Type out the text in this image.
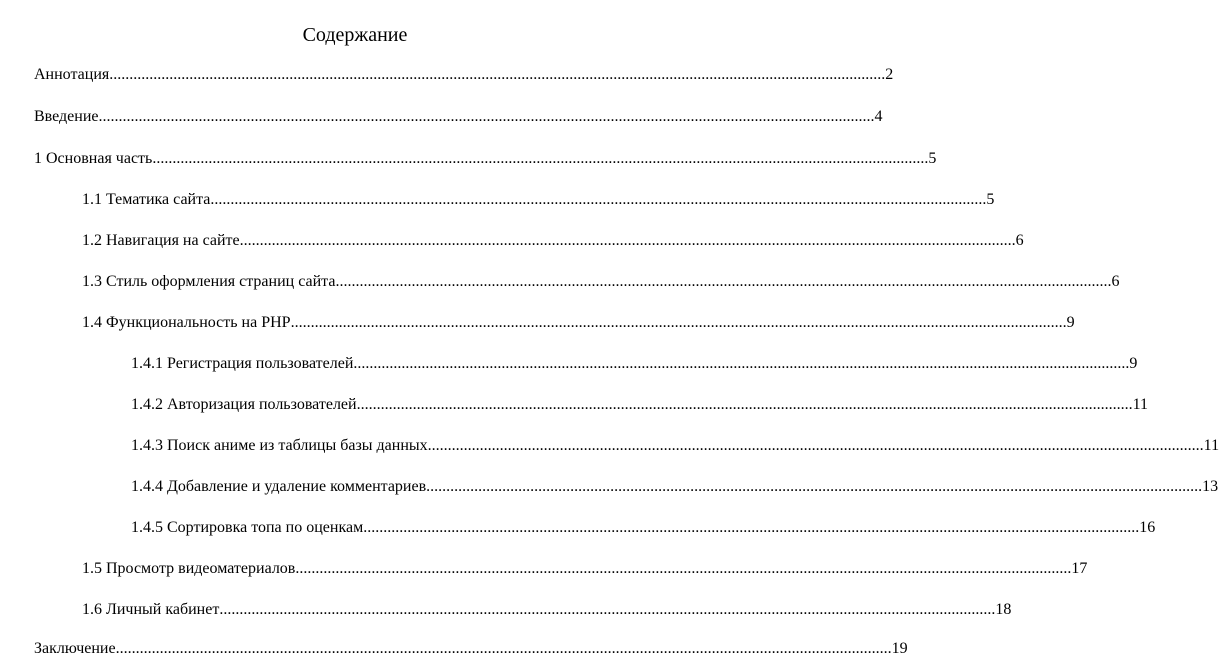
Содержание
Аннотация .................................................................................................................................................................................................. 2
Введение .................................................................................................................................................................................................. 4
1 Основная часть .................................................................................................................................................................................................. 5
1.1 Тематика сайта .................................................................................................................................................................................................. 5
1.2 Навигация на сайте .................................................................................................................................................................................................. 6
1.3 Стиль оформления страниц сайта .................................................................................................................................................................................................. 6
1.4 Функциональность на PHP .................................................................................................................................................................................................. 9
1.4.1 Регистрация пользователей .................................................................................................................................................................................................. 9
1.4.2 Авторизация пользователей .................................................................................................................................................................................................. 11
1.4.3 Поиск аниме из таблицы базы данных .................................................................................................................................................................................................. 11
1.4.4 Добавление и удаление комментариев .................................................................................................................................................................................................. 13
1.4.5 Сортировка топа по оценкам .................................................................................................................................................................................................. 16
1.5 Просмотр видеоматериалов .................................................................................................................................................................................................. 17
1.6 Личный кабинет .................................................................................................................................................................................................. 18
Заключение .................................................................................................................................................................................................. 19
